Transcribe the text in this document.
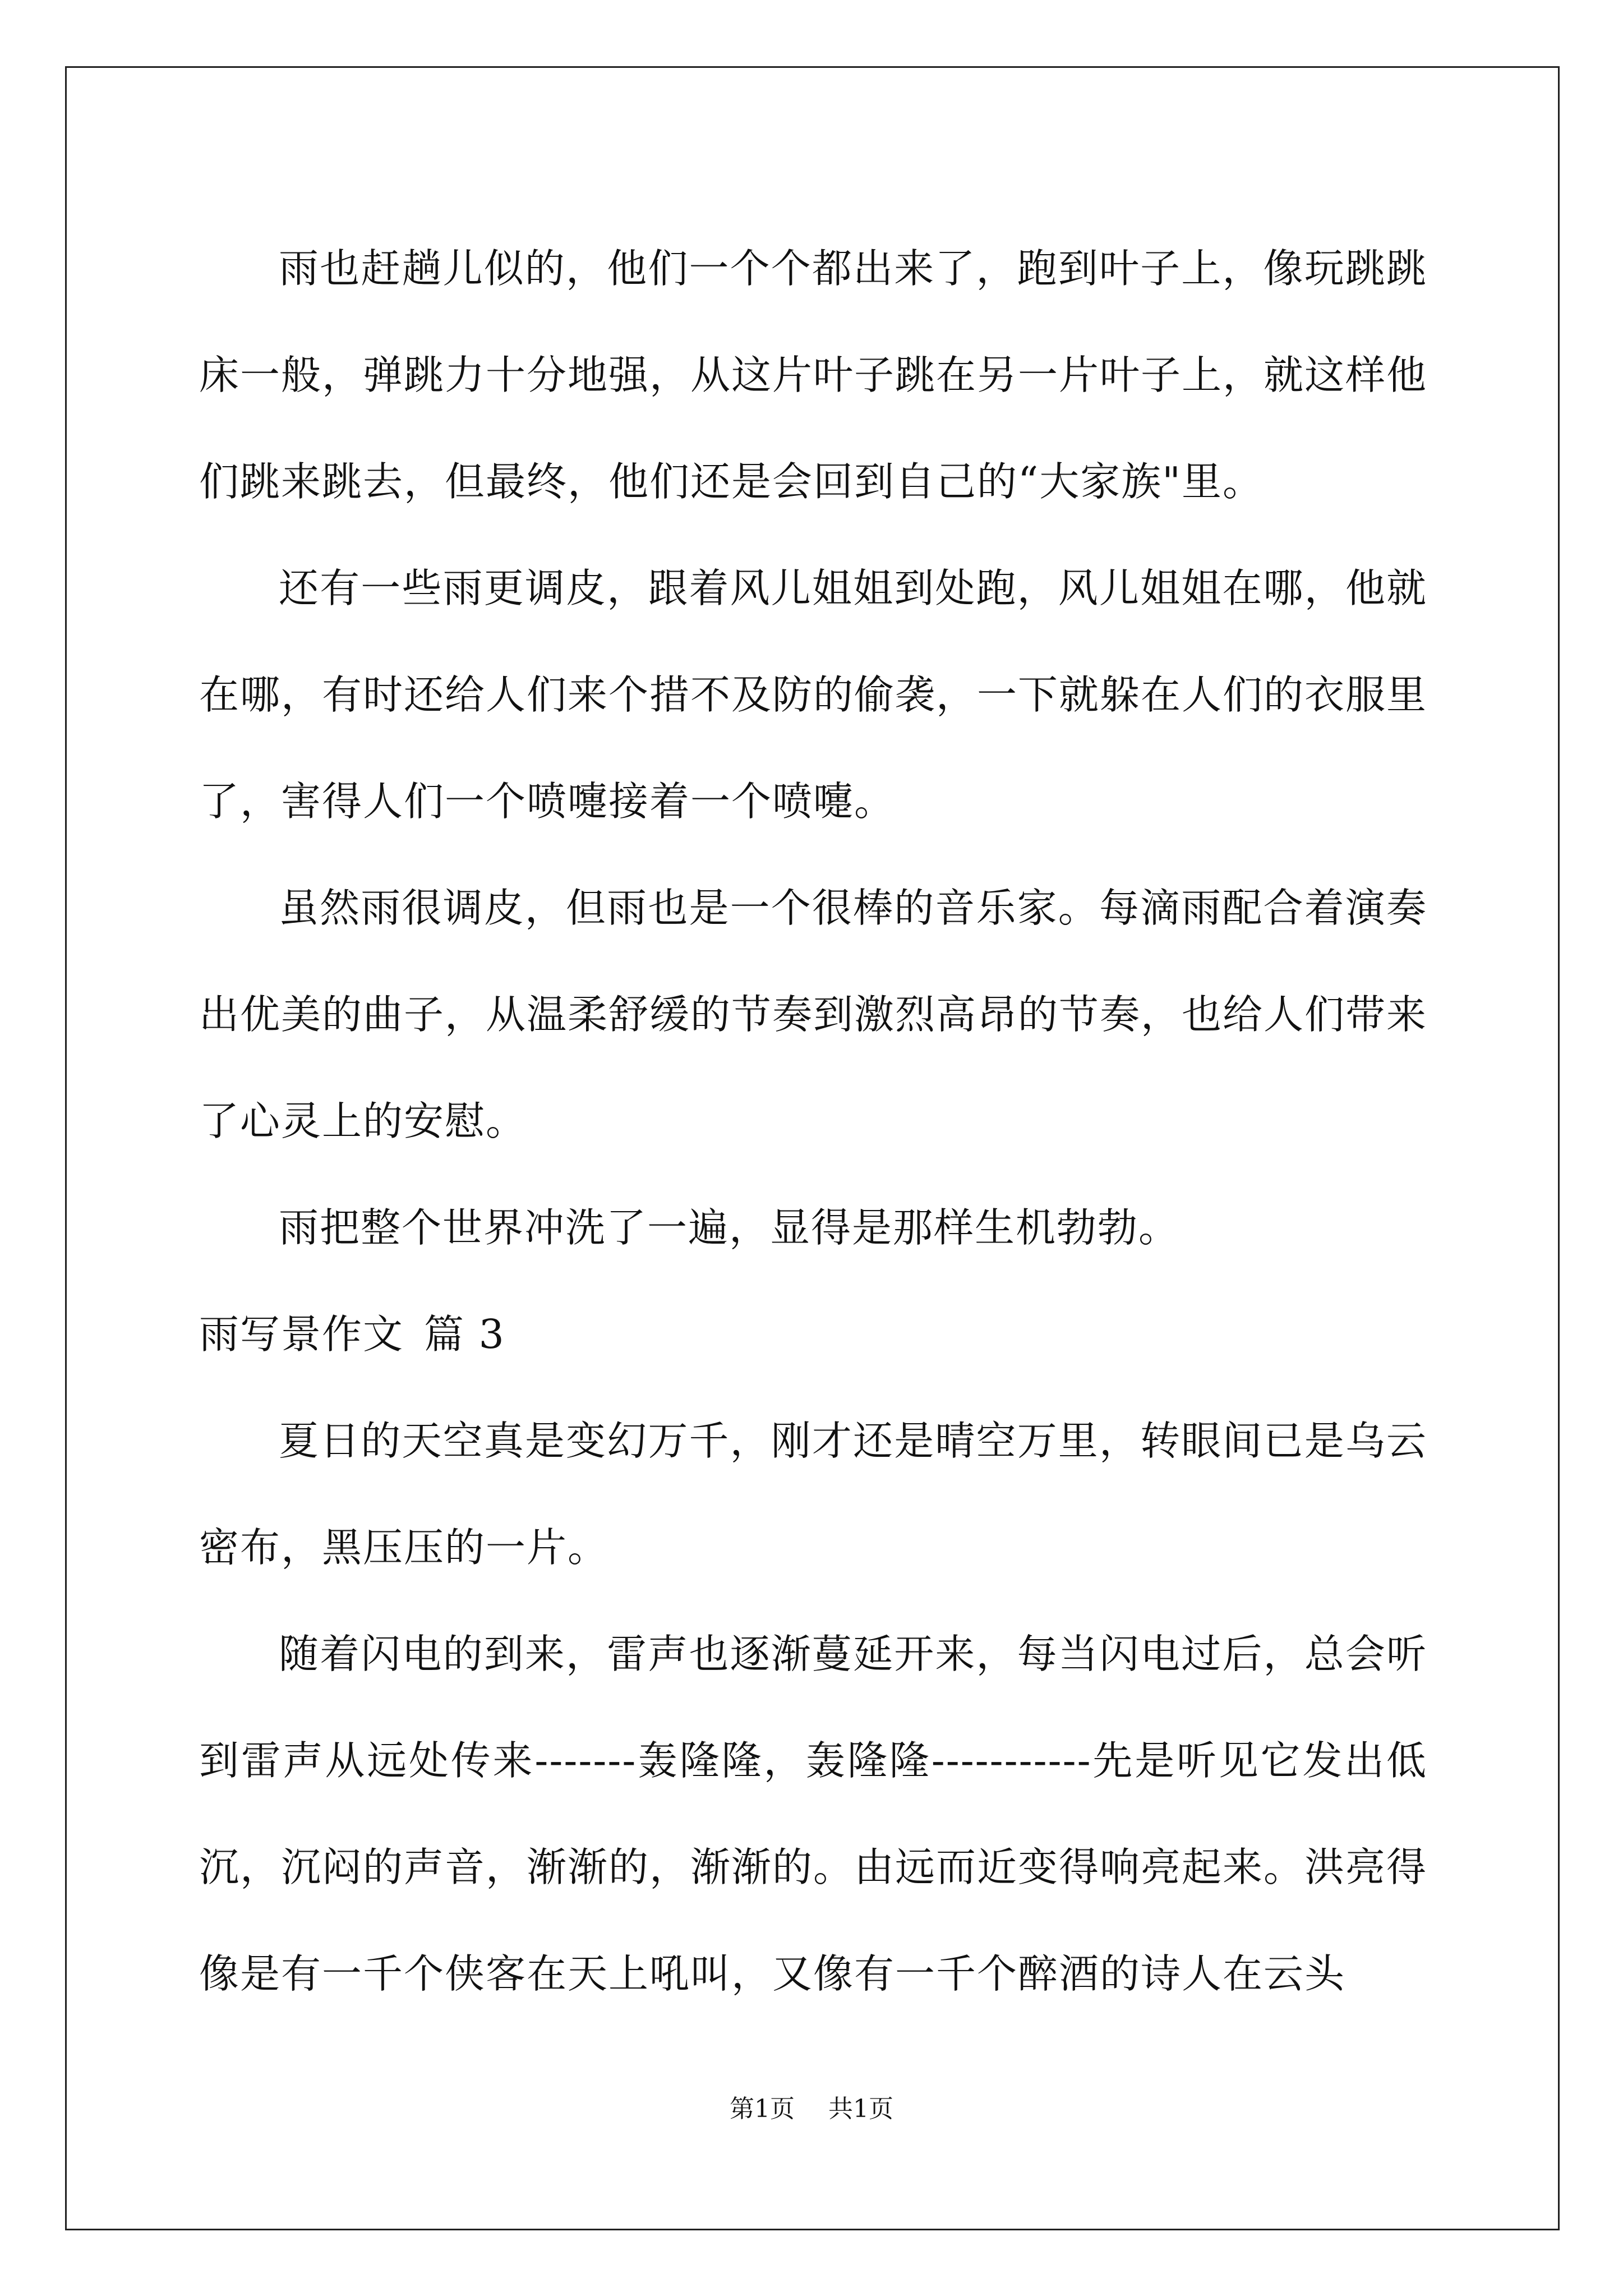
雨也赶趟儿似的，他们一个个都出来了，跑到叶子上，像玩跳跳床一般，弹跳力十分地强，从这片叶子跳在另一片叶子上，就这样他们跳来跳去，但最终，他们还是会回到自己的“大家族"里。

还有一些雨更调皮，跟着风儿姐姐到处跑，风儿姐姐在哪，他就在哪，有时还给人们来个措不及防的偷袭，一下就躲在人们的衣服里了，害得人们一个喷嚏接着一个喷嚏。

虽然雨很调皮，但雨也是一个很棒的音乐家。每滴雨配合着演奏出优美的曲子，从温柔舒缓的节奏到激烈高昂的节奏，也给人们带来了心灵上的安慰。

雨把整个世界冲洗了一遍，显得是那样生机勃勃。

雨写景作文 篇 3

夏日的天空真是变幻万千，刚才还是晴空万里，转眼间已是乌云密布，黑压压的一片。

随着闪电的到来，雷声也逐渐蔓延开来，每当闪电过后，总会听到雷声从远处传来-------轰隆隆，轰隆隆-----------先是听见它发出低沉，沉闷的声音，渐渐的，渐渐的。由远而近变得响亮起来。洪亮得像是有一千个侠客在天上吼叫，又像有一千个醉酒的诗人在云头

第1页 共1页
